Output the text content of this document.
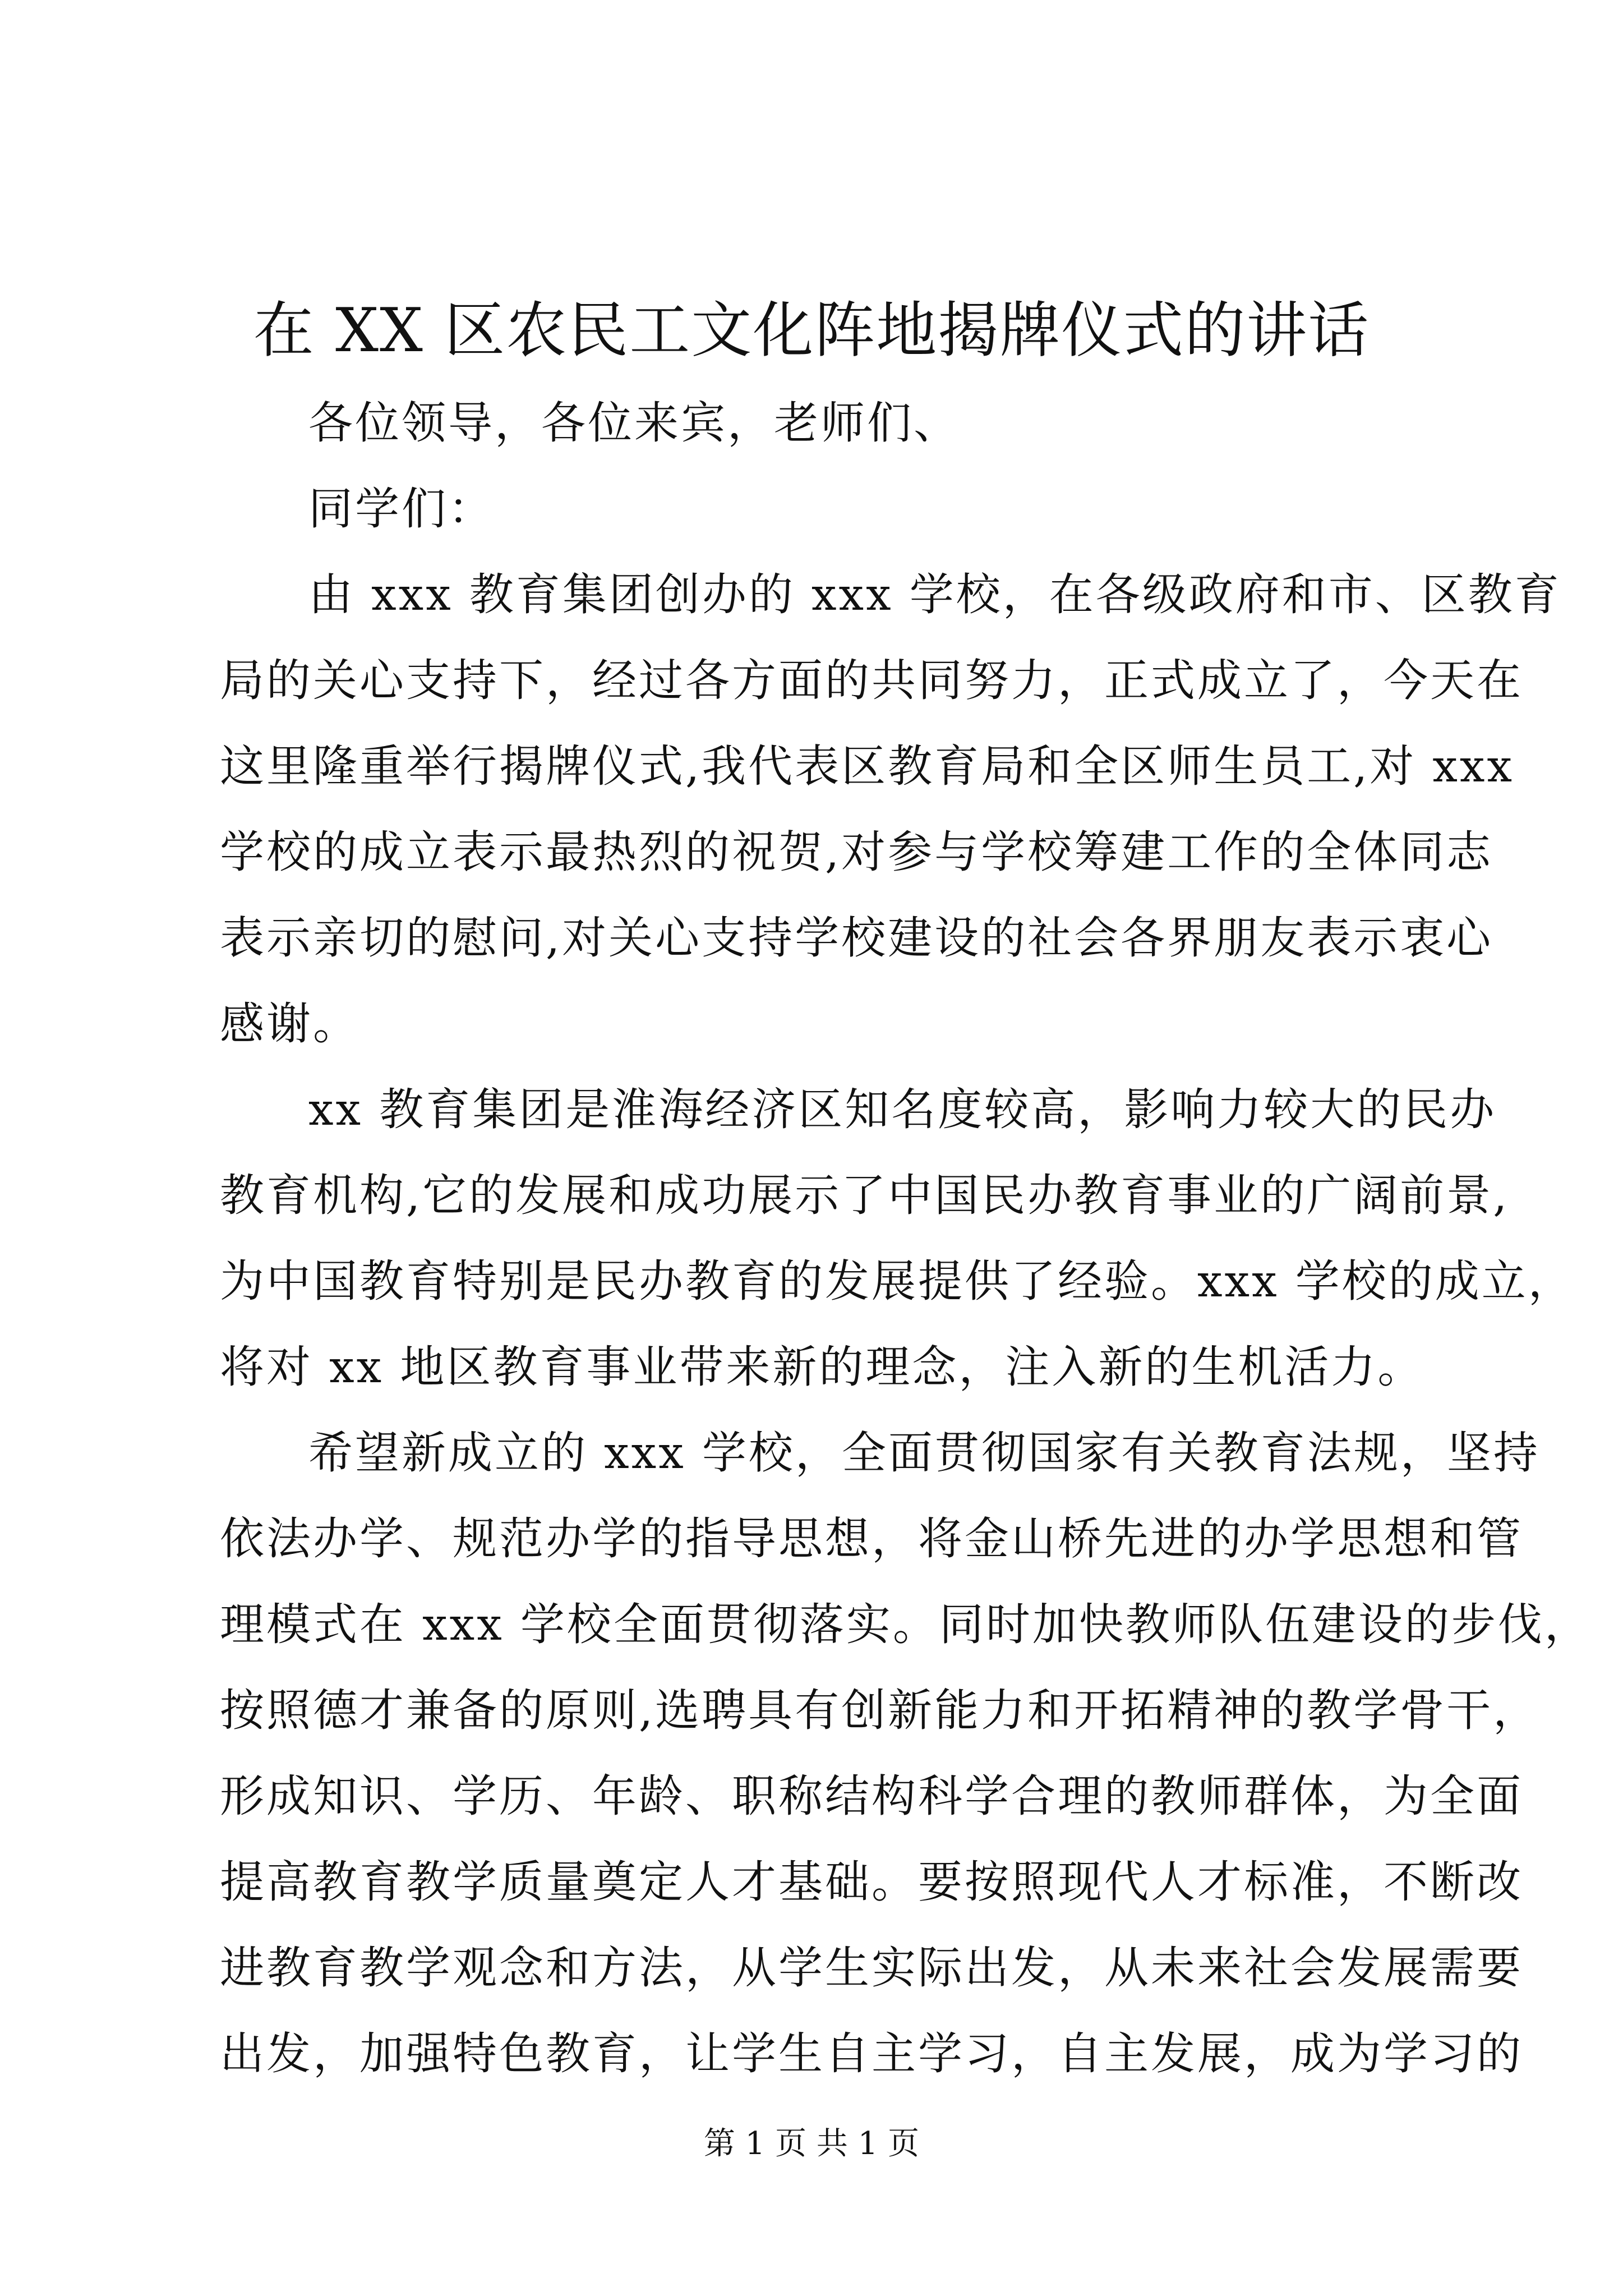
在 XX 区农民工文化阵地揭牌仪式的讲话
各位领导，各位来宾，老师们、
同学们：
由 xxx 教育集团创办的 xxx 学校，在各级政府和市、区教育
局的关心支持下，经过各方面的共同努力，正式成立了，今天在
这里隆重举行揭牌仪式,我代表区教育局和全区师生员工,对 xxx
学校的成立表示最热烈的祝贺,对参与学校筹建工作的全体同志
表示亲切的慰问,对关心支持学校建设的社会各界朋友表示衷心
感谢。
xx 教育集团是淮海经济区知名度较高，影响力较大的民办
教育机构,它的发展和成功展示了中国民办教育事业的广阔前景,
为中国教育特别是民办教育的发展提供了经验。xxx 学校的成立，
将对 xx 地区教育事业带来新的理念，注入新的生机活力。
希望新成立的 xxx 学校，全面贯彻国家有关教育法规，坚持
依法办学、规范办学的指导思想，将金山桥先进的办学思想和管
理模式在 xxx 学校全面贯彻落实。同时加快教师队伍建设的步伐，
按照德才兼备的原则,选聘具有创新能力和开拓精神的教学骨干，
形成知识、学历、年龄、职称结构科学合理的教师群体，为全面
提高教育教学质量奠定人才基础。要按照现代人才标准，不断改
进教育教学观念和方法，从学生实际出发，从未来社会发展需要
出发，加强特色教育，让学生自主学习，自主发展，成为学习的
第 1 页 共 1 页
